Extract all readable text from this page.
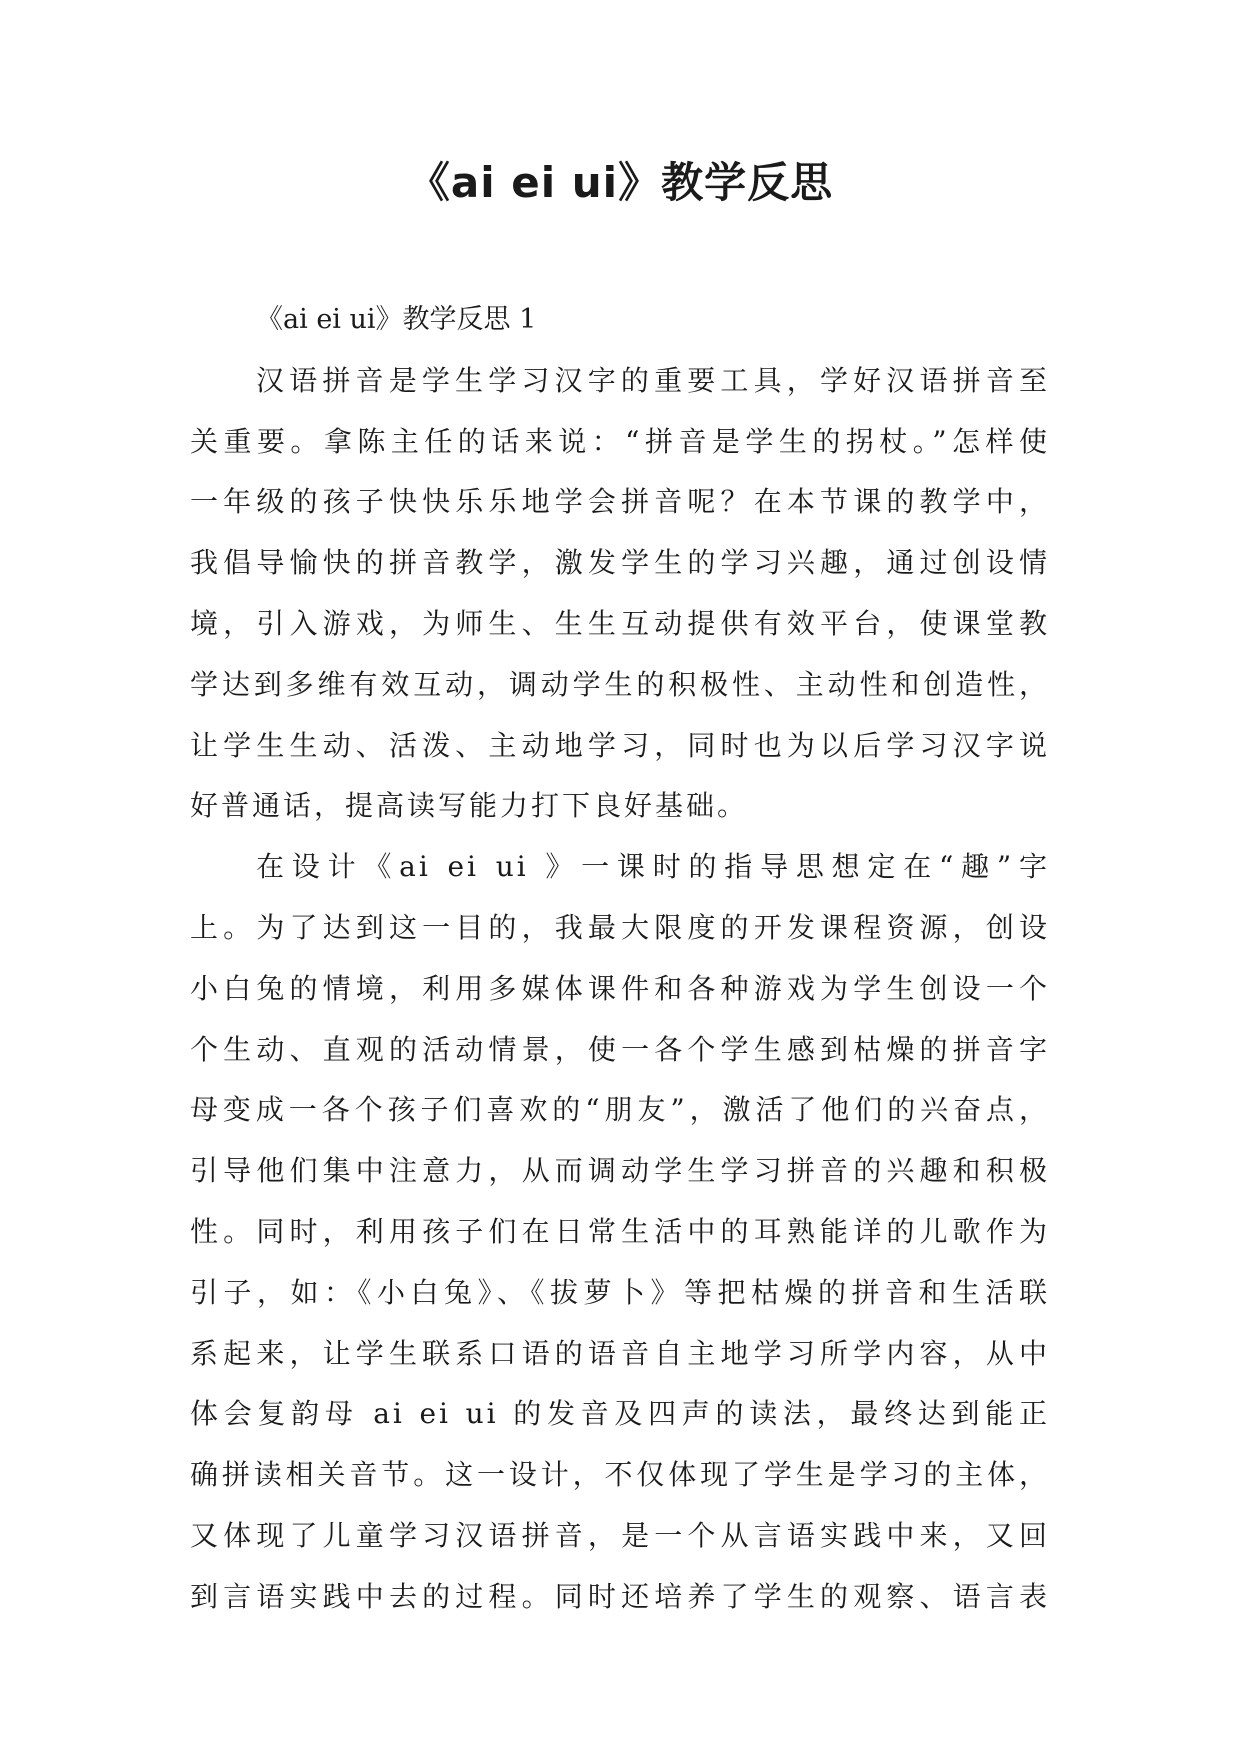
《ai ei ui》教学反思
《ai ei ui》教学反思 1

汉语拼音是学生学习汉字的重要工具，学好汉语拼音至
关重要。拿陈主任的话来说：“拼音是学生的拐杖。”怎样使
一年级的孩子快快乐乐地学会拼音呢？在本节课的教学中，
我倡导愉快的拼音教学，激发学生的学习兴趣，通过创设情
境，引入游戏，为师生、生生互动提供有效平台，使课堂教
学达到多维有效互动，调动学生的积极性、主动性和创造性，
让学生生动、活泼、主动地学习，同时也为以后学习汉字说
好普通话，提高读写能力打下良好基础。

在设计《ai ei ui 》一课时的指导思想定在“趣”字
上。为了达到这一目的，我最大限度的开发课程资源，创设
小白兔的情境，利用多媒体课件和各种游戏为学生创设一个
个生动、直观的活动情景，使一各个学生感到枯燥的拼音字
母变成一各个孩子们喜欢的“朋友”，激活了他们的兴奋点，
引导他们集中注意力，从而调动学生学习拼音的兴趣和积极
性。同时，利用孩子们在日常生活中的耳熟能详的儿歌作为
引子，如：《小白兔》、《拔萝卜》等把枯燥的拼音和生活联
系起来，让学生联系口语的语音自主地学习所学内容，从中
体会复韵母 ai ei ui 的发音及四声的读法，最终达到能正
确拼读相关音节。这一设计，不仅体现了学生是学习的主体，
又体现了儿童学习汉语拼音，是一个从言语实践中来，又回
到言语实践中去的过程。同时还培养了学生的观察、语言表
